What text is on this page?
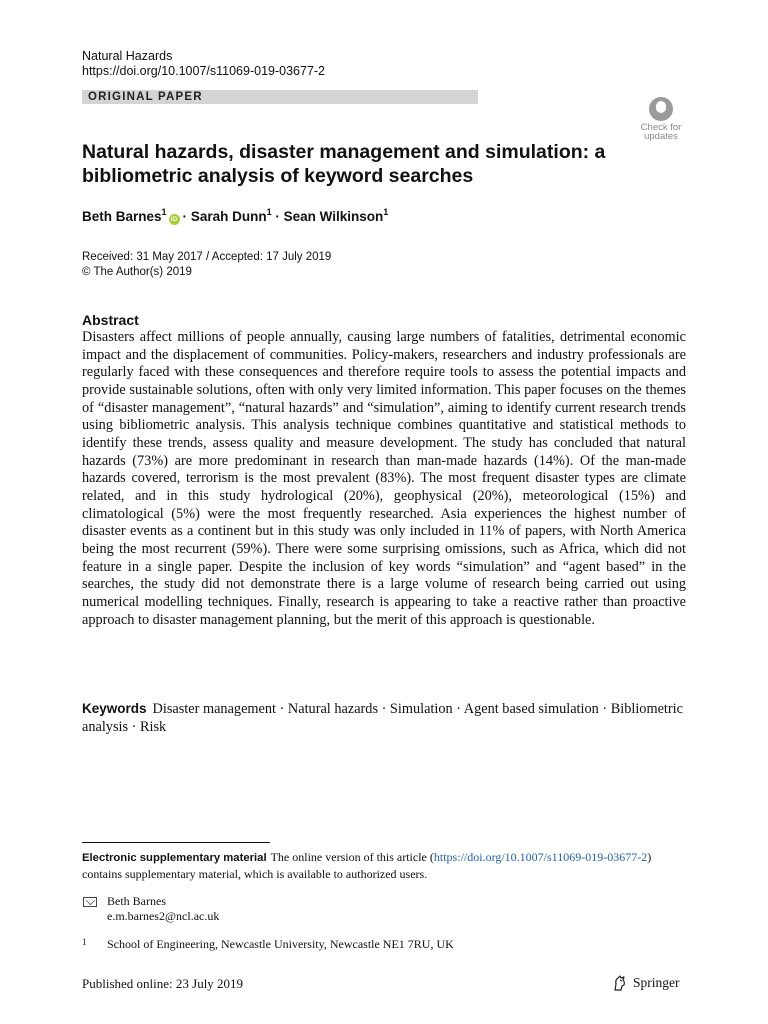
Natural Hazards
https://doi.org/10.1007/s11069-019-03677-2
ORIGINAL PAPER
Check for
updates
Natural hazards, disaster management and simulation: a bibliometric analysis of keyword searches
Beth Barnes$^1$iD · Sarah Dunn$^1$ · Sean Wilkinson$^1$
Received: 31 May 2017 / Accepted: 17 July 2019
© The Author(s) 2019
Abstract
Disasters affect millions of people annually, causing large numbers of fatalities, detrimental economic impact and the displacement of communities. Policy-makers, researchers and industry professionals are regularly faced with these consequences and therefore require tools to assess the potential impacts and provide sustainable solutions, often with only very limited information. This paper focuses on the themes of “disaster management”, “natural hazards” and “simulation”, aiming to identify current research trends using bibliometric analysis. This analysis technique combines quantitative and statistical methods to identify these trends, assess quality and measure development. The study has concluded that natural hazards (73%) are more predominant in research than man-made hazards (14%). Of the man-made hazards covered, terrorism is the most prevalent (83%). The most frequent disaster types are climate related, and in this study hydrological (20%), geophysical (20%), meteorological (15%) and climatological (5%) were the most frequently researched. Asia experiences the highest number of disaster events as a continent but in this study was only included in 11% of papers, with North America being the most recurrent (59%). There were some surprising omissions, such as Africa, which did not feature in a single paper. Despite the inclusion of key words “simulation” and “agent based” in the searches, the study did not demonstrate there is a large volume of research being carried out using numerical modelling techniques. Finally, research is appearing to take a reactive rather than proactive approach to disaster management planning, but the merit of this approach is questionable.
Keywords Disaster management · Natural hazards · Simulation · Agent based simulation · Bibliometric analysis · Risk
Electronic supplementary material The online version of this article (https://doi.org/10.1007/s11069-019-03677-2) contains supplementary material, which is available to authorized users.
Beth Barnes
e.m.barnes2@ncl.ac.uk
1 School of Engineering, Newcastle University, Newcastle NE1 7RU, UK
Published online: 23 July 2019	Springer
